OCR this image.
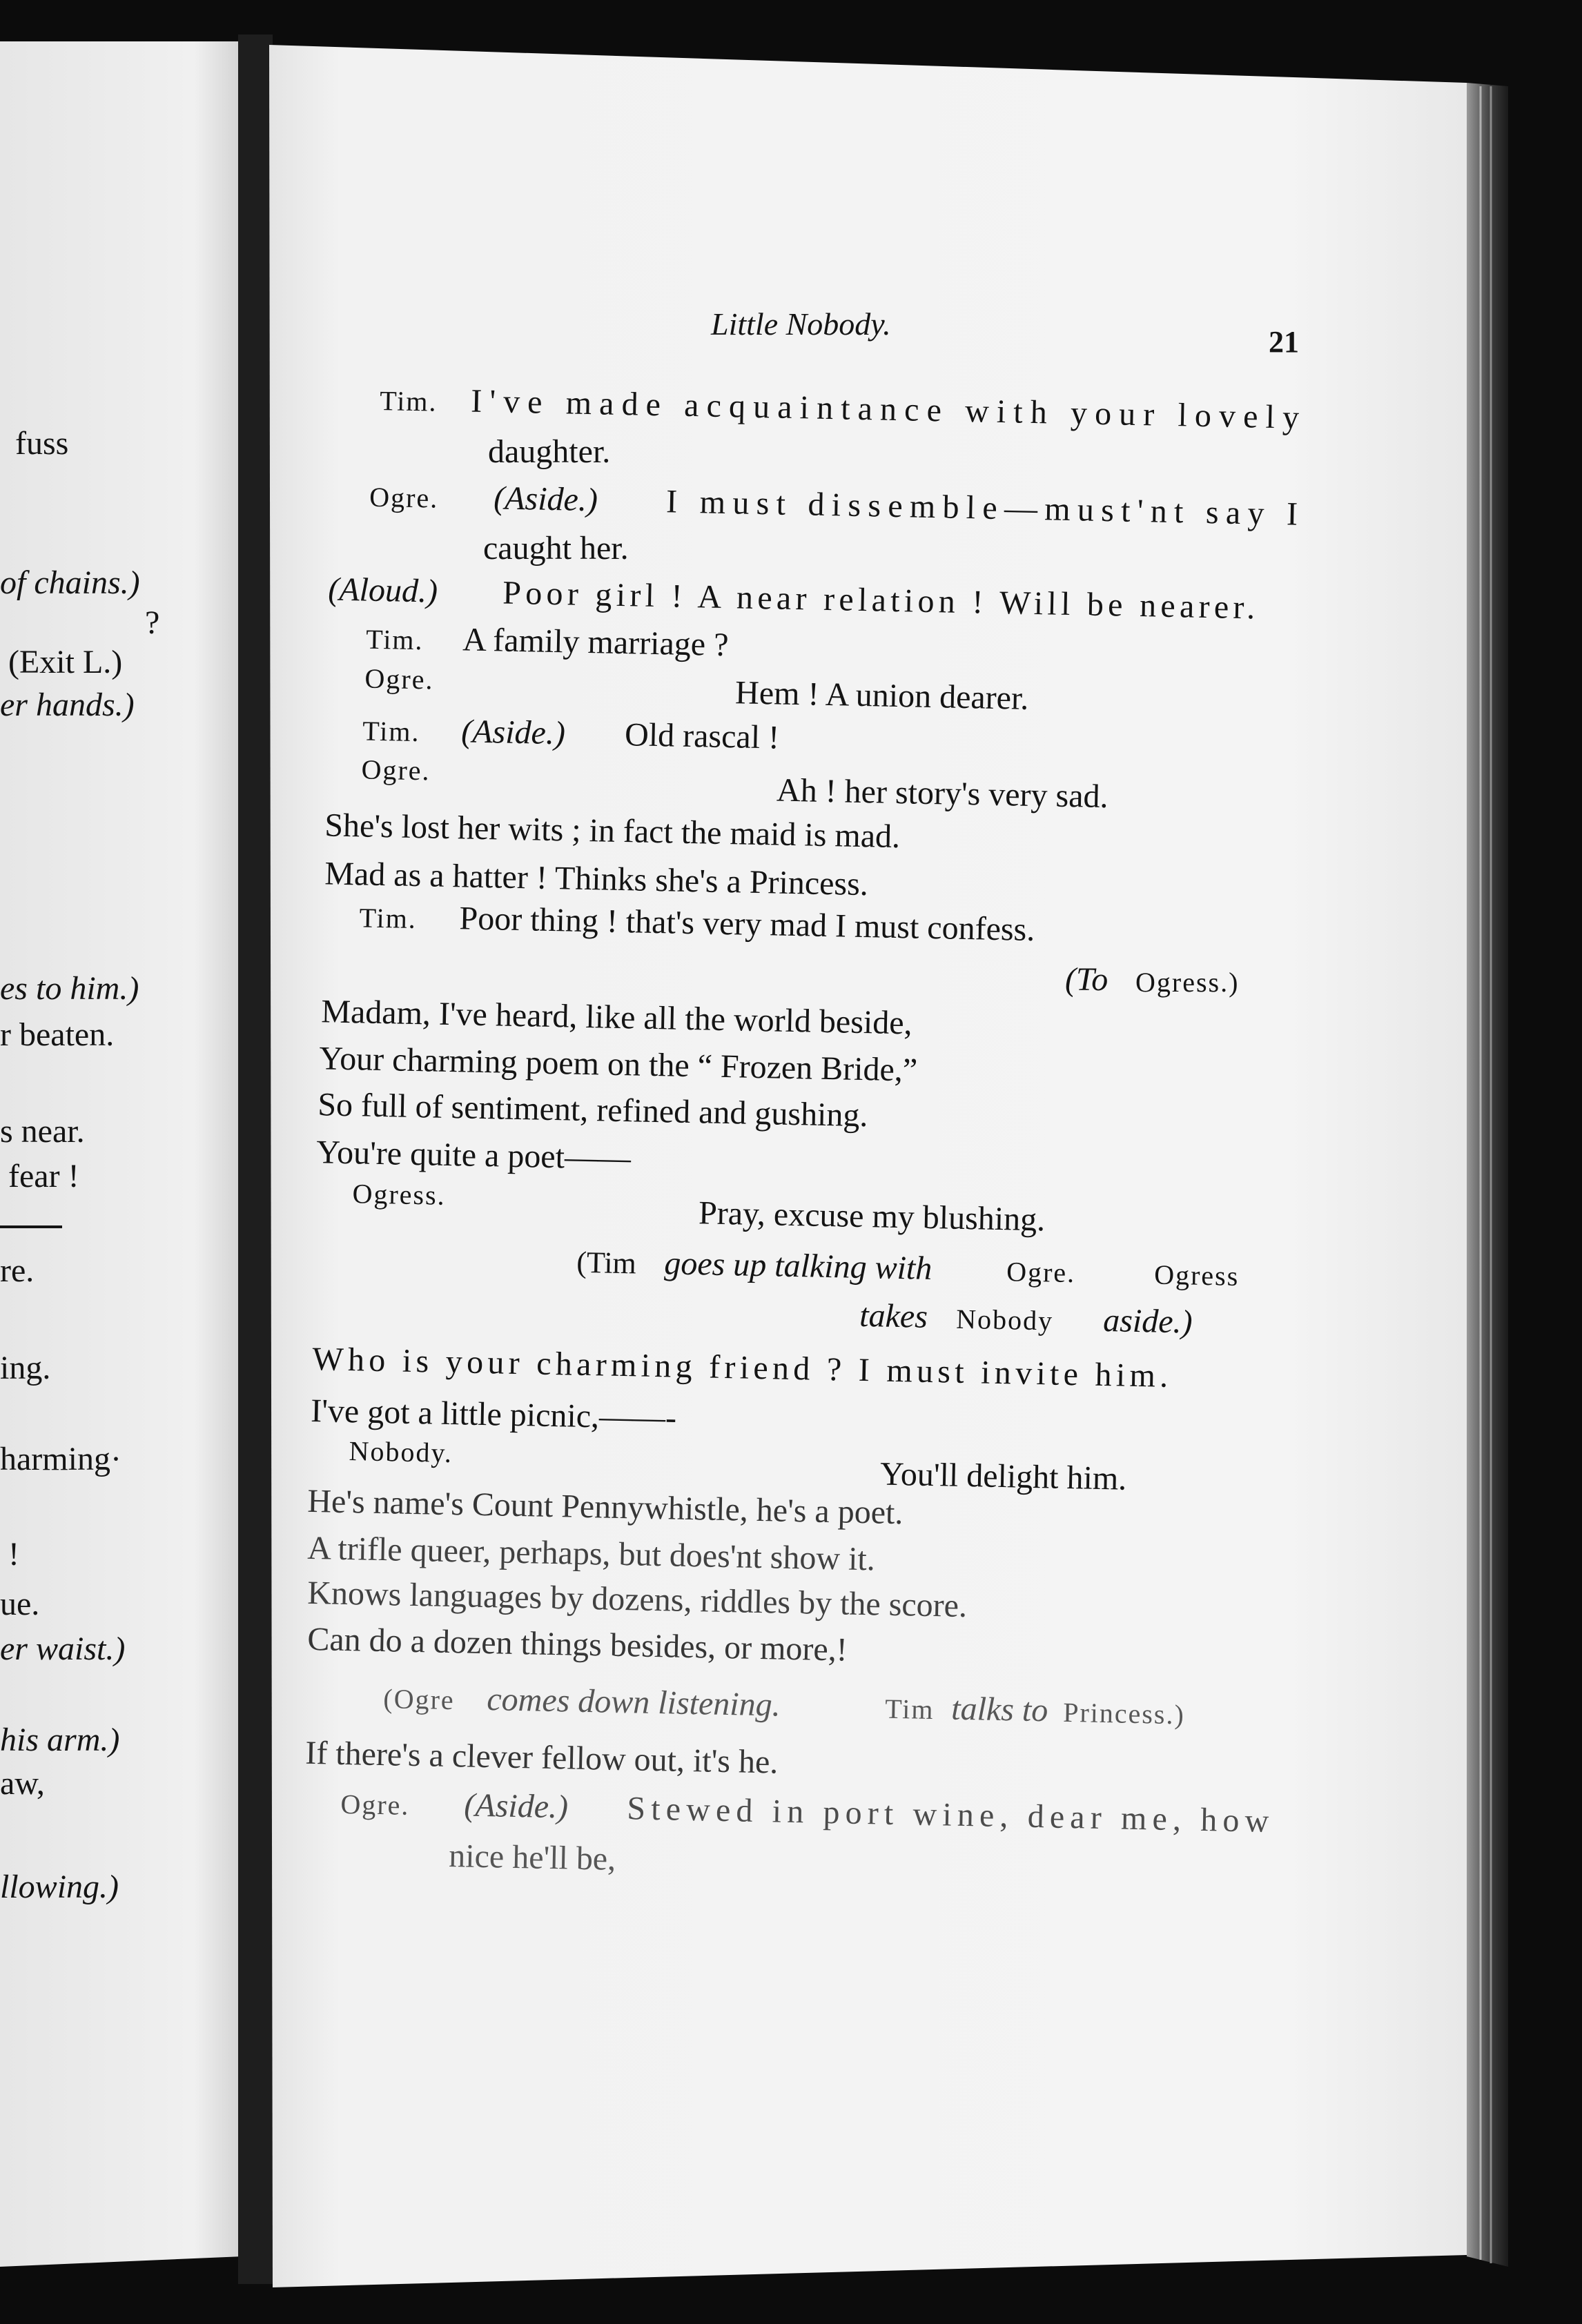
fuss
of chains.)
?
(Exit L.)
er hands.)
es to him.)
r beaten.
s near.
fear !
re.
ing.
harming·
!
ue.
er waist.)
his arm.)
aw,
llowing.)
Little Nobody.
21
Tim. I've made acquaintance with your lovely
daughter.
Ogre. (Aside.) I must dissemble—must'nt say I
caught her.
(Aloud.) Poor girl ! A near relation ! Will be nearer.
Tim. A family marriage ?
Ogre.	Hem ! A union dearer.
Tim. (Aside.) Old rascal !
Ogre.
Ah ! her story's very sad.
She's lost her wits ; in fact the maid is mad.
Mad as a hatter ! Thinks she's a Princess.
Tim. Poor thing ! that's very mad I must confess.
(To Ogress.)
Madam, I've heard, like all the world beside,
Your charming poem on the “ Frozen Bride,”
So full of sentiment, refined and gushing.
You're quite a poet——
Ogress.
Pray, excuse my blushing.
(Tim goes up talking with	Ogre.	Ogress
takes Nobody aside.)
Who is your charming friend ? I must invite him.
I've got a little picnic,——-
Nobody.
You'll delight him.
He's name's Count Pennywhistle, he's a poet.
A trifle queer, perhaps, but does'nt show it.
Knows languages by dozens, riddles by the score.
Can do a dozen things besides, or more,!
(Ogre comes down listening.	Tim talks to Princess.)
If there's a clever fellow out, it's he.
Ogre. (Aside.) Stewed in port wine, dear me, how
nice he'll be,
